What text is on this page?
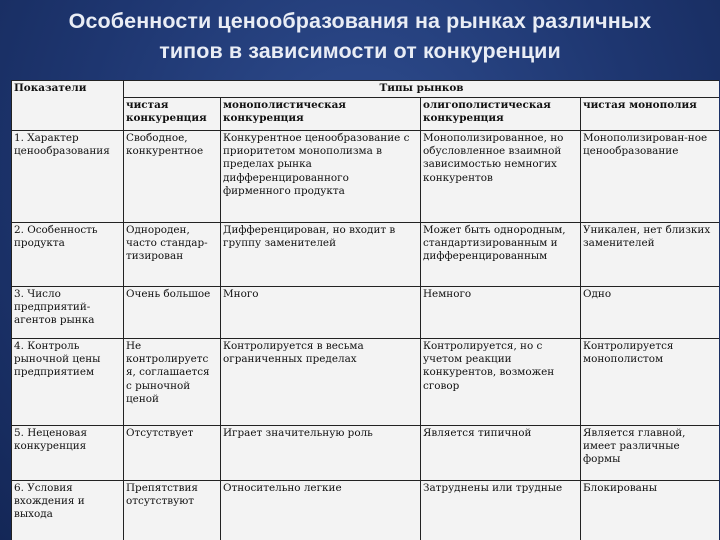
Особенности ценообразования на рынках различных
типов в зависимости от конкуренции
Показатели	Типы рынков			
	чистая конкуренция	монополистическая конкуренция	олигополистическая конкуренция	чистая монополия
1. Характер ценообразования	Свободное, конкурентное	Конкурентное ценообразование с приоритетом монополизма в пределах рынка дифференцированного фирменного продукта	Монополизированное, но обусловленное взаимной зависимостью немногих конкурентов	Монополизирован-ное ценообразование
2. Особенность продукта	Однороден, часто стандар-тизирован	Дифференцирован, но входит в группу заменителей	Может быть однородным, стандартизированным и дифференцированным	Уникален, нет близких заменителей
3. Число предприятий-агентов рынка	Очень большое	Много	Немного	Одно
4. Контроль рыночной цены предприятием	Не контролируетс я, соглашается с рыночной ценой	Контролируется в весьма ограниченных пределах	Контролируется, но с учетом реакции конкурентов, возможен сговор	Контролируется монополистом
5. Неценовая конкуренция	Отсутствует	Играет значительную роль	Является типичной	Является главной, имеет различные формы
6. Условия вхождения и выхода	Препятствия отсутствуют	Относительно легкие	Затруднены или трудные	Блокированы
